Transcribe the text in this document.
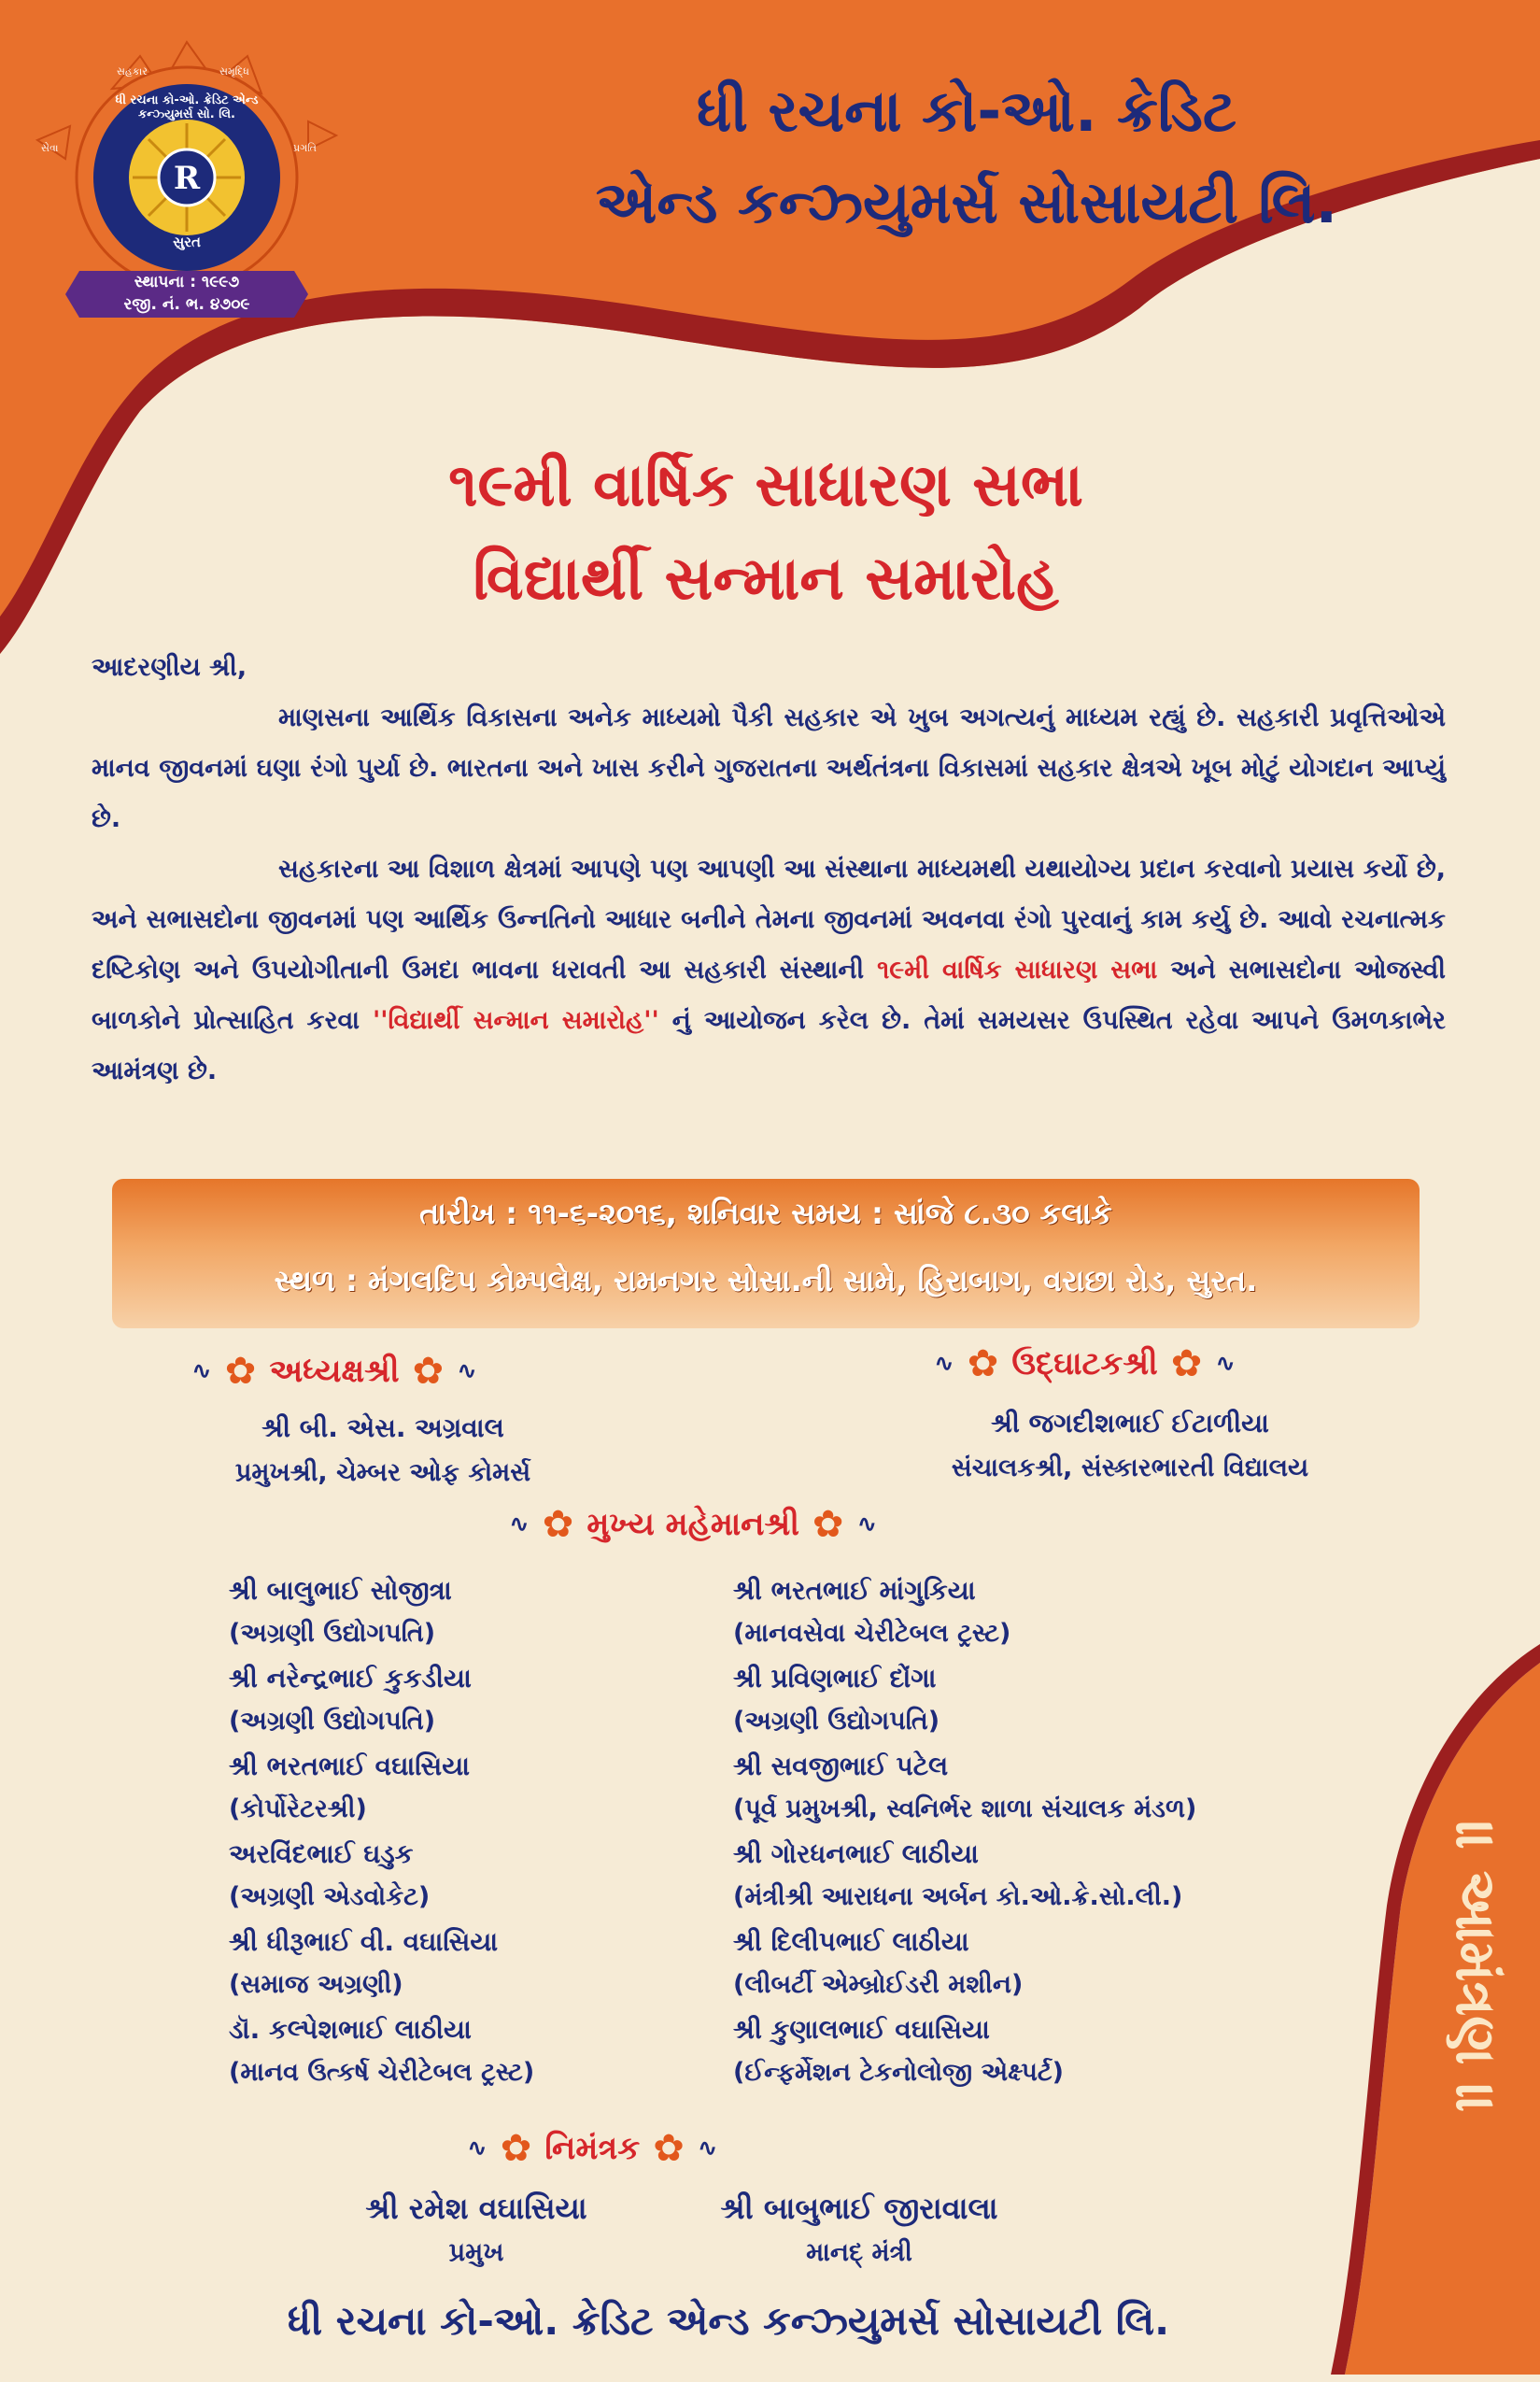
R
ધી રચના કો-ઓ. ક્રેડિટ એન્ડ કન્ઝ્યુમર્સ સો. લિ.
સુરત
સ્થાપના : ૧૯૯૭
રજી. નં. ભ. ૪૭૦૯
સહકાર	સમૃદ્ધિ
સેવા	પ્રગતિ
ધી રચના કો-ઓ. ક્રેડિટ
એન્ડ કન્ઝ્યુમર્સ સોસાયટી લિ.
૧૯મી વાર્ષિક સાધારણ સભા
વિદ્યાર્થી સન્માન સમારોહ

આદરણીય શ્રી,

માણસના આર્થિક વિકાસના અનેક માધ્યમો પૈકી સહકાર એ ખુબ અગત્યનું માધ્યમ રહ્યું છે. સહકારી પ્રવૃત્તિઓએ માનવ જીવનમાં ઘણા રંગો પુર્યા છે. ભારતના અને ખાસ કરીને ગુજરાતના અર્થતંત્રના વિકાસમાં સહકાર ક્ષેત્રએ ખૂબ મોટું યોગદાન આપ્યું છે.

સહકારના આ વિશાળ ક્ષેત્રમાં આપણે પણ આપણી આ સંસ્થાના માધ્યમથી યથાયોગ્ય પ્રદાન કરવાનો પ્રયાસ કર્યો છે, અને સભાસદોના જીવનમાં પણ આર્થિક ઉન્નતિનો આધાર બનીને તેમના જીવનમાં અવનવા રંગો પુરવાનું કામ કર્યુ છે. આવો રચનાત્મક દષ્ટિકોણ અને ઉપયોગીતાની ઉમદા ભાવના ધરાવતી આ સહકારી સંસ્થાની ૧૯મી વાર્ષિક સાધારણ સભા અને સભાસદોના ઓજસ્વી બાળકોને પ્રોત્સાહિત કરવા ''વિદ્યાર્થી સન્માન સમારોહ'' નું આયોજન કરેલ છે. તેમાં સમયસર ઉપસ્થિત રહેવા આપને ઉમળકાભેર આમંત્રણ છે.

તારીખ : ૧૧-૬-૨૦૧૬, શનિવાર સમય : સાંજે ૮.૩૦ કલાકે
સ્થળ : મંગલદિપ કોમ્પલેક્ષ, રામનગર સોસા.ની સામે, હિરાબાગ, વરાછા રોડ, સુરત.
∿ ✿ અધ્યક્ષશ્રી ✿ ∿
શ્રી બી. એસ. અગ્રવાલ
પ્રમુખશ્રી, ચેમ્બર ઓફ કોમર્સ
∿ ✿ ઉદ્‌ઘાટકશ્રી ✿ ∿
શ્રી જગદીશભાઈ ઈટાળીયા
સંચાલકશ્રી, સંસ્કારભારતી વિદ્યાલય
∿ ✿ મુખ્ય મહેમાનશ્રી ✿ ∿
શ્રી બાલુભાઈ સોજીત્રા
(અગ્રણી ઉદ્યોગપતિ)
શ્રી નરેન્દ્રભાઈ કુકડીયા
(અગ્રણી ઉદ્યોગપતિ)
શ્રી ભરતભાઈ વઘાસિયા
(કોર્પોરેટરશ્રી)
અરવિંદભાઈ ઘડુક
(અગ્રણી એડવોકેટ)
શ્રી ધીરૂભાઈ વી. વઘાસિયા
(સમાજ અગ્રણી)
ડૉ. કલ્પેશભાઈ લાઠીયા
(માનવ ઉત્કર્ષ ચેરીટેબલ ટ્રસ્ટ)
શ્રી ભરતભાઈ માંગુકિયા
(માનવસેવા ચેરીટેબલ ટ્રસ્ટ)
શ્રી પ્રવિણભાઈ દોંગા
(અગ્રણી ઉદ્યોગપતિ)
શ્રી સવજીભાઈ પટેલ
(પૂર્વ પ્રમુખશ્રી, સ્વનિર્ભર શાળા સંચાલક મંડળ)
શ્રી ગોરધનભાઈ લાઠીયા
(મંત્રીશ્રી આરાધના અર્બન કો.ઓ.ક્રે.સો.લી.)
શ્રી દિલીપભાઈ લાઠીયા
(લીબર્ટી એમ્બ્રોઈડરી મશીન)
શ્રી કુણાલભાઈ વઘાસિયા
(ઈન્ફર્મેશન ટેકનોલોજી એક્ષ્પર્ટ)
∿ ✿ નિમંત્રક ✿ ∿
શ્રી રમેશ વઘાસિયા
પ્રમુખ
શ્રી બાબુભાઈ જીરાવાલા
માનદ્ મંત્રી
ધી રચના કો-ઓ. ક્રેડિટ એન્ડ કન્ઝ્યુમર્સ સોસાયટી લિ.
॥ આમંત્રણ ॥
